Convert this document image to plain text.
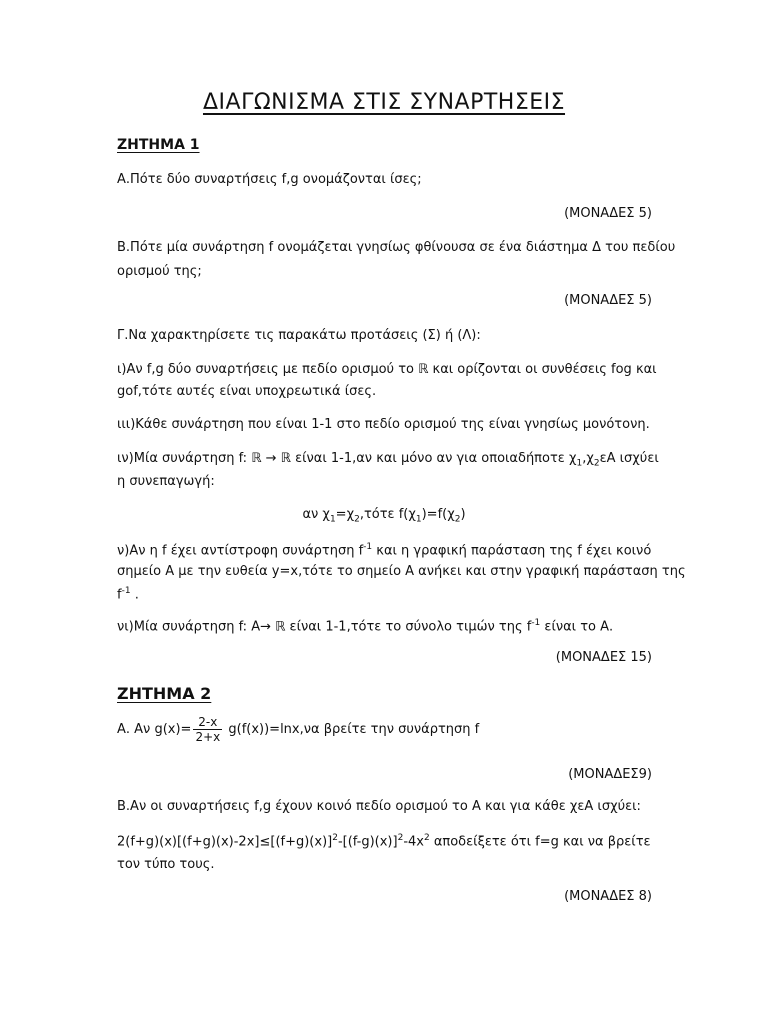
ΔΙΑΓΩΝΙΣΜΑ ΣΤΙΣ ΣΥΝΑΡΤΗΣΕΙΣ
ΖΗΤΗΜΑ 1
Α.Πότε δύο συναρτήσεις f,g ονομάζονται ίσες;
(ΜΟΝΑΔΕΣ 5)
Β.Πότε μία συνάρτηση f ονομάζεται γνησίως φθίνουσα σε ένα διάστημα Δ του πεδίου
ορισμού της;
(ΜΟΝΑΔΕΣ 5)
Γ.Να χαρακτηρίσετε τις παρακάτω προτάσεις (Σ) ή (Λ):
ι)Αν f,g δύο συναρτήσεις με πεδίο ορισμού το ℝ και ορίζονται οι συνθέσεις fog και
gof,τότε αυτές είναι υποχρεωτικά ίσες.
ιιι)Κάθε συνάρτηση που είναι 1-1 στο πεδίο ορισμού της είναι γνησίως μονότονη.
ιν)Μία συνάρτηση f: ℝ → ℝ είναι 1-1,αν και μόνο αν για οποιαδήποτε $\chi_1,\chi_2\varepsilon A$ ισχύει
η συνεπαγωγή:
αν $\chi_1=\chi_2,\tau ό\tau\varepsilon$ $f(\chi_1)=f(\chi_2)$
ν)Αν η f έχει αντίστροφη συνάρτηση $f^{-1}$ και η γραφική παράσταση της f έχει κοινό
σημείο Α με την ευθεία y=x,τότε το σημείο Α ανήκει και στην γραφική παράσταση της
$f^{-1}$ .
νι)Μία συνάρτηση f: Α→ ℝ είναι 1-1,τότε το σύνολο τιμών της $f^{-1}$ είναι το Α.
(ΜΟΝΑΔΕΣ 15)
ΖΗΤΗΜΑ 2
Α. Αν $g(x)= \frac{2-x}{2+x} g(f(x))=\ln x,\nu\alpha$ βρείτε την συνάρτηση f
(ΜΟΝΑΔΕΣ9)
Β.Αν οι συναρτήσεις f,g έχουν κοινό πεδίο ορισμού το Α και για κάθε χεΑ ισχύει:
$2(f+g)(x)[(f+g)(x)-2x]\le[(f+g)(x)]^2-[(f-g)(x)]^2-4x^2$ αποδείξετε ότι f=g και να βρείτε
τον τύπο τους.
(ΜΟΝΑΔΕΣ 8)
